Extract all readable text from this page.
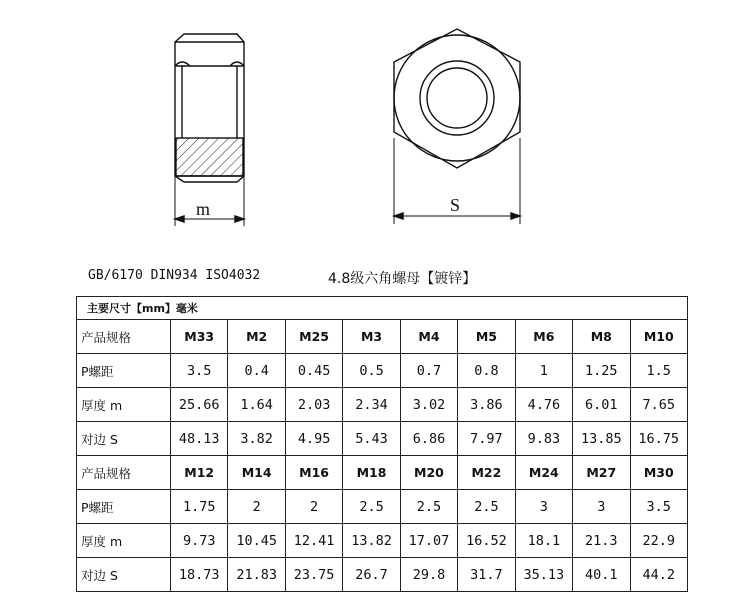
m	S
GB/6170 DIN934 ISO4032	4.8级六角螺母【镀锌】
主要尺寸【mm】毫米									
产品规格	M33	M2	M25	M3	M4	M5	M6	M8	M10
P螺距	3.5	0.4	0.45	0.5	0.7	0.8	1	1.25	1.5
厚度 m	25.66	1.64	2.03	2.34	3.02	3.86	4.76	6.01	7.65
对边 S	48.13	3.82	4.95	5.43	6.86	7.97	9.83	13.85	16.75
产品规格	M12	M14	M16	M18	M20	M22	M24	M27	M30
P螺距	1.75	2	2	2.5	2.5	2.5	3	3	3.5
厚度 m	9.73	10.45	12.41	13.82	17.07	16.52	18.1	21.3	22.9
对边 S	18.73	21.83	23.75	26.7	29.8	31.7	35.13	40.1	44.2
